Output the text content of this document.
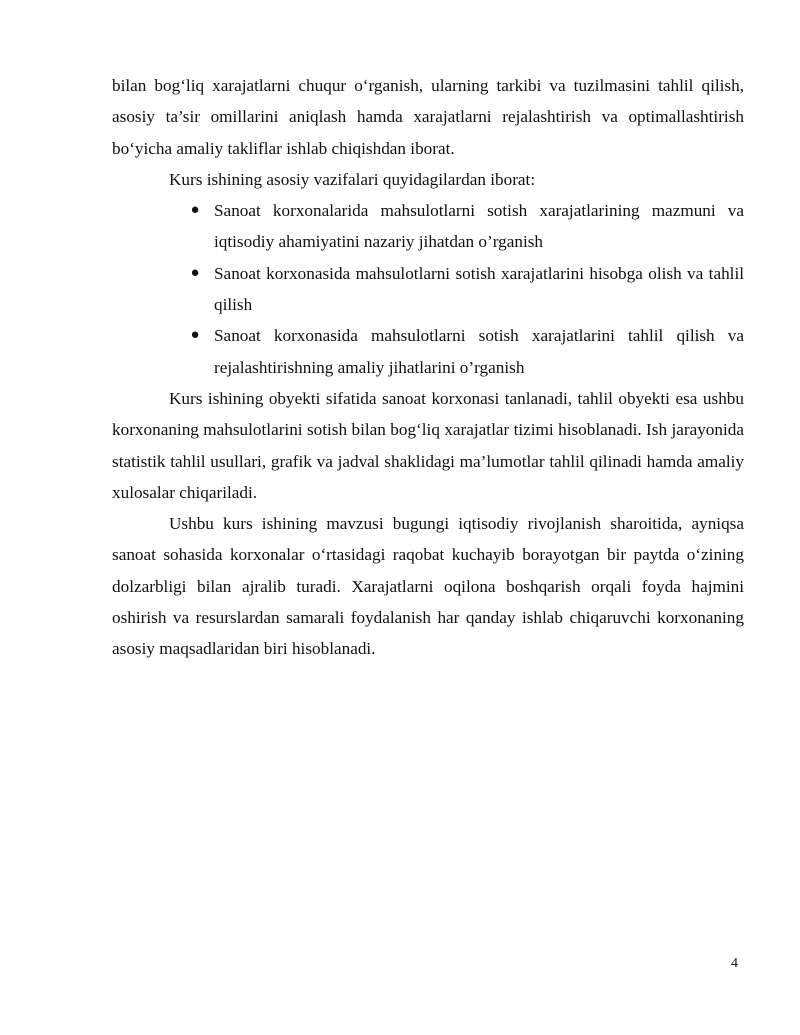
bilan bog‘liq xarajatlarni chuqur o‘rganish, ularning tarkibi va tuzilmasini tahlil qilish, asosiy ta’sir omillarini aniqlash hamda xarajatlarni rejalashtirish va optimallashtirish bo‘yicha amaliy takliflar ishlab chiqishdan iborat.

Kurs ishining asosiy vazifalari quyidagilardan iborat:

● Sanoat korxonalarida mahsulotlarni sotish xarajatlarining mazmuni va iqtisodiy ahamiyatini nazariy jihatdan o’rganish
● Sanoat korxonasida mahsulotlarni sotish xarajatlarini hisobga olish va tahlil qilish
● Sanoat korxonasida mahsulotlarni sotish xarajatlarini tahlil qilish va rejalashtirishning amaliy jihatlarini o’rganish

Kurs ishining obyekti sifatida sanoat korxonasi tanlanadi, tahlil obyekti esa ushbu korxonaning mahsulotlarini sotish bilan bog‘liq xarajatlar tizimi hisoblanadi. Ish jarayonida statistik tahlil usullari, grafik va jadval shaklidagi ma’lumotlar tahlil qilinadi hamda amaliy xulosalar chiqariladi.

Ushbu kurs ishining mavzusi bugungi iqtisodiy rivojlanish sharoitida, ayniqsa sanoat sohasida korxonalar o‘rtasidagi raqobat kuchayib borayotgan bir paytda o‘zining dolzarbligi bilan ajralib turadi. Xarajatlarni oqilona boshqarish orqali foyda hajmini oshirish va resurslardan samarali foydalanish har qanday ishlab chiqaruvchi korxonaning asosiy maqsadlaridan biri hisoblanadi.

4
